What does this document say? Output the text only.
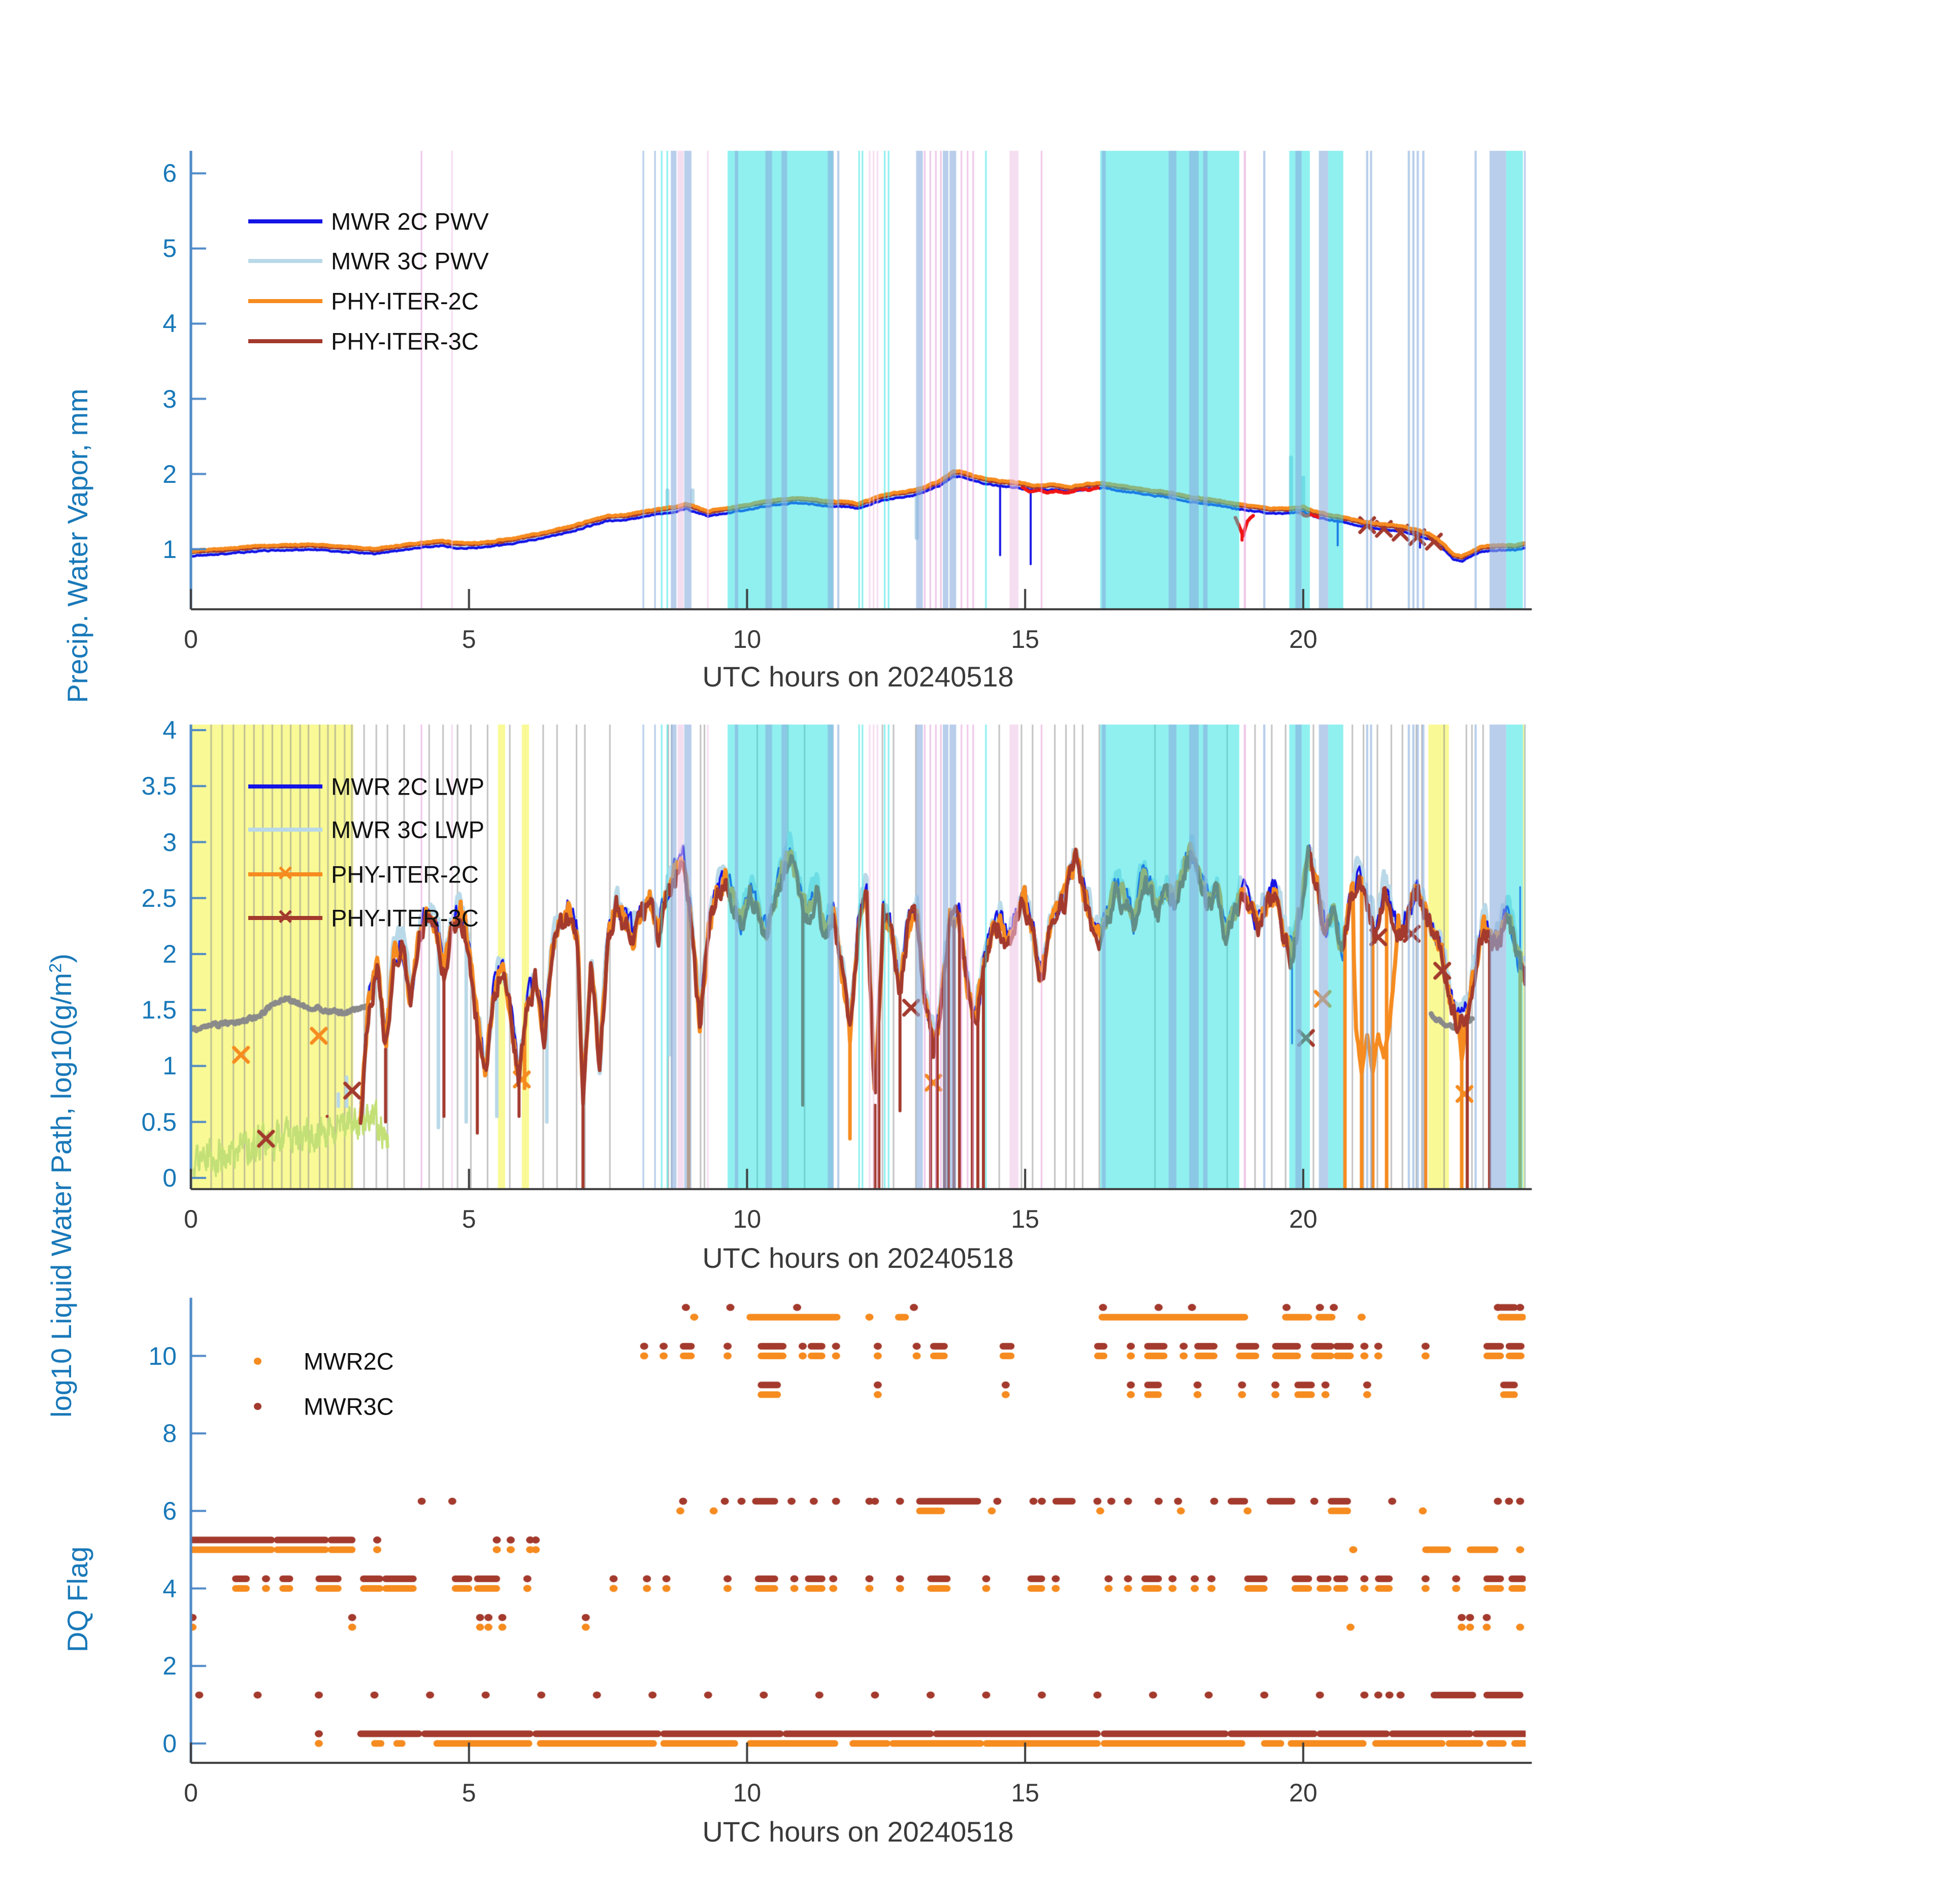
Precip. Water Vapor, mm
log10 Liquid Water Path, $\log 10(g/m^2)$
DQ Flag
UTC hours on 20240518
UTC hours on 20240518
UTC hours on 20240518
1
2
3
4
5
6
0	5	10	15	20
0
0.5
1
1.5
2
2.5
3
3.5
4
0	5	10	15	20
0
2
4
6
8
10
0	5	10	15	20
MWR 2C PWV
MWR 3C PWV
PHY-ITER-2C
PHY-ITER-3C
MWR 2C LWP
MWR 3C LWP
× PHY-ITER-2C
× PHY-ITER-3C
MWR2C
MWR3C
